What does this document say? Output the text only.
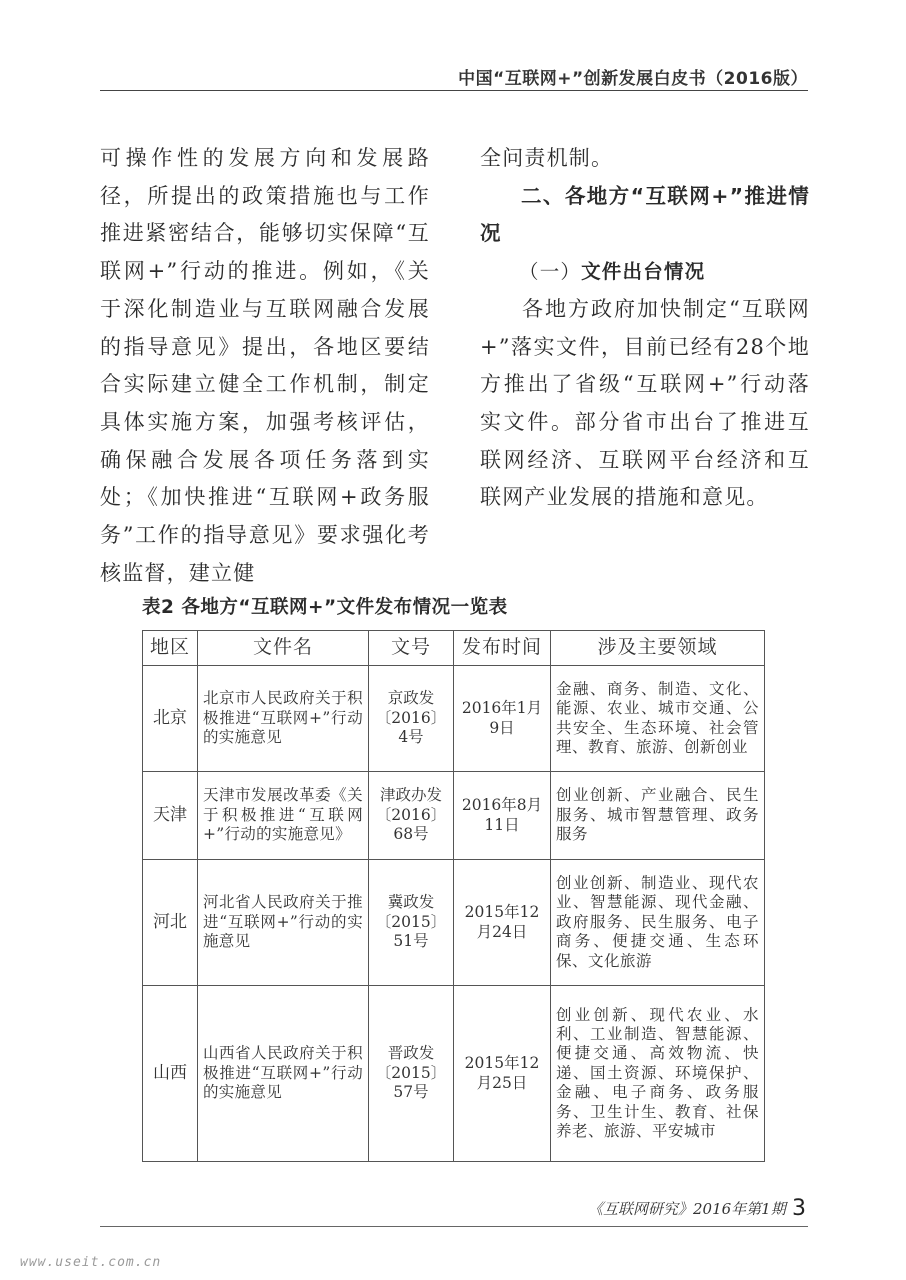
中国“互联网+”创新发展白皮书（2016版）

可操作性的发展方向和发展路径，所提出的政策措施也与工作推进紧密结合，能够切实保障“互联网+”行动的推进。例如，《关于深化制造业与互联网融合发展的指导意见》提出，各地区要结合实际建立健全工作机制，制定具体实施方案，加强考核评估，确保融合发展各项任务落到实处；《加快推进“互联网+政务服务”工作的指导意见》要求强化考核监督，建立健

全问责机制。

二、各地方“互联网+”推进情况

（一）文件出台情况

各地方政府加快制定“互联网+”落实文件，目前已经有28个地方推出了省级“互联网+”行动落实文件。部分省市出台了推进互联网经济、互联网平台经济和互联网产业发展的措施和意见。

表2 各地方“互联网+”文件发布情况一览表
地区	文件名	文号	发布时间	涉及主要领域
北京	北京市人民政府关于积极推进“互联网+”行动的实施意见	京政发〔2016〕4号	2016年1月9日	金融、商务、制造、文化、能源、农业、城市交通、公共安全、生态环境、社会管理、教育、旅游、创新创业
天津	天津市发展改革委《关于积极推进“互联网+”行动的实施意见》	津政办发〔2016〕68号	2016年8月11日	创业创新、产业融合、民生服务、城市智慧管理、政务服务
河北	河北省人民政府关于推进“互联网+”行动的实施意见	冀政发〔2015〕51号	2015年12月24日	创业创新、制造业、现代农业、智慧能源、现代金融、政府服务、民生服务、电子商务、便捷交通、生态环保、文化旅游
山西	山西省人民政府关于积极推进“互联网+”行动的实施意见	晋政发〔2015〕57号	2015年12月25日	创业创新、现代农业、水利、工业制造、智慧能源、便捷交通、高效物流、快递、国土资源、环境保护、金融、电子商务、政务服务、卫生计生、教育、社保养老、旅游、平安城市
《互联网研究》2016年第1期 3
www.useit.com.cn
